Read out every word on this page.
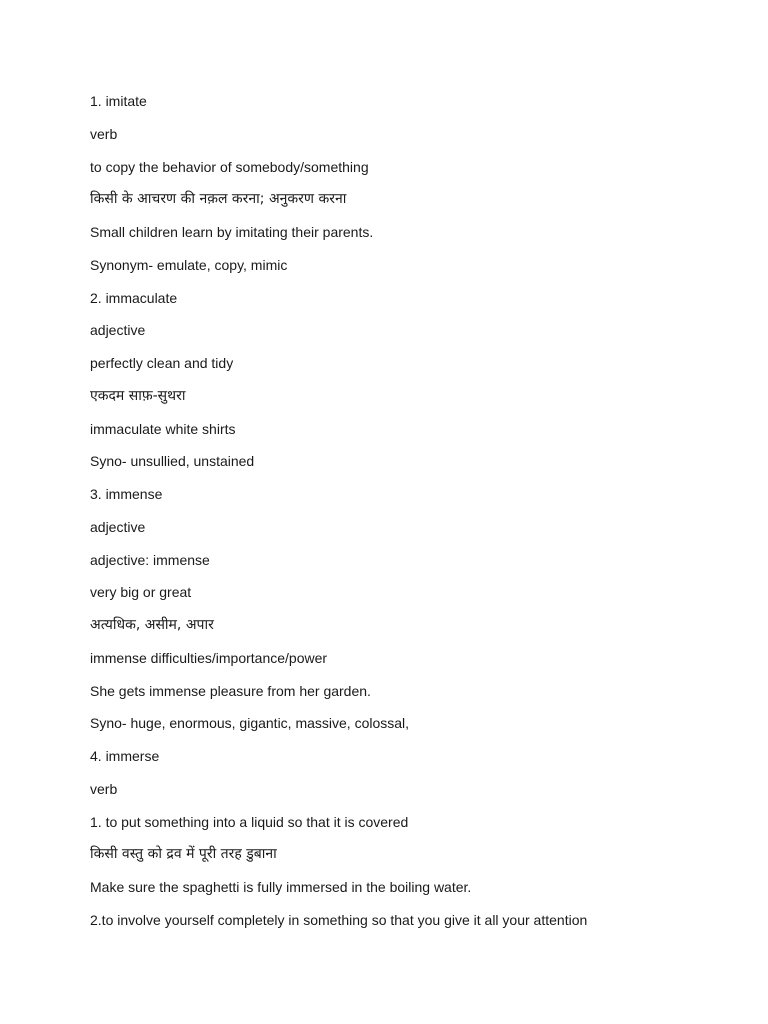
1. imitate
verb
to copy the behavior of somebody/something
किसी के आचरण की नक़ल करना; अनुकरण करना
Small children learn by imitating their parents.
Synonym- emulate, copy, mimic
2. immaculate
adjective
perfectly clean and tidy
एकदम साफ़-सुथरा
immaculate white shirts
Syno- unsullied, unstained
3. immense
adjective
adjective: immense
very big or great
अत्यधिक, असीम, अपार
immense difficulties/importance/power
She gets immense pleasure from her garden.
Syno- huge, enormous, gigantic, massive, colossal,
4. immerse
verb
1. to put something into a liquid so that it is covered
किसी वस्तु को द्रव में पूरी तरह डुबाना
Make sure the spaghetti is fully immersed in the boiling water.
2.to involve yourself completely in something so that you give it all your attention
